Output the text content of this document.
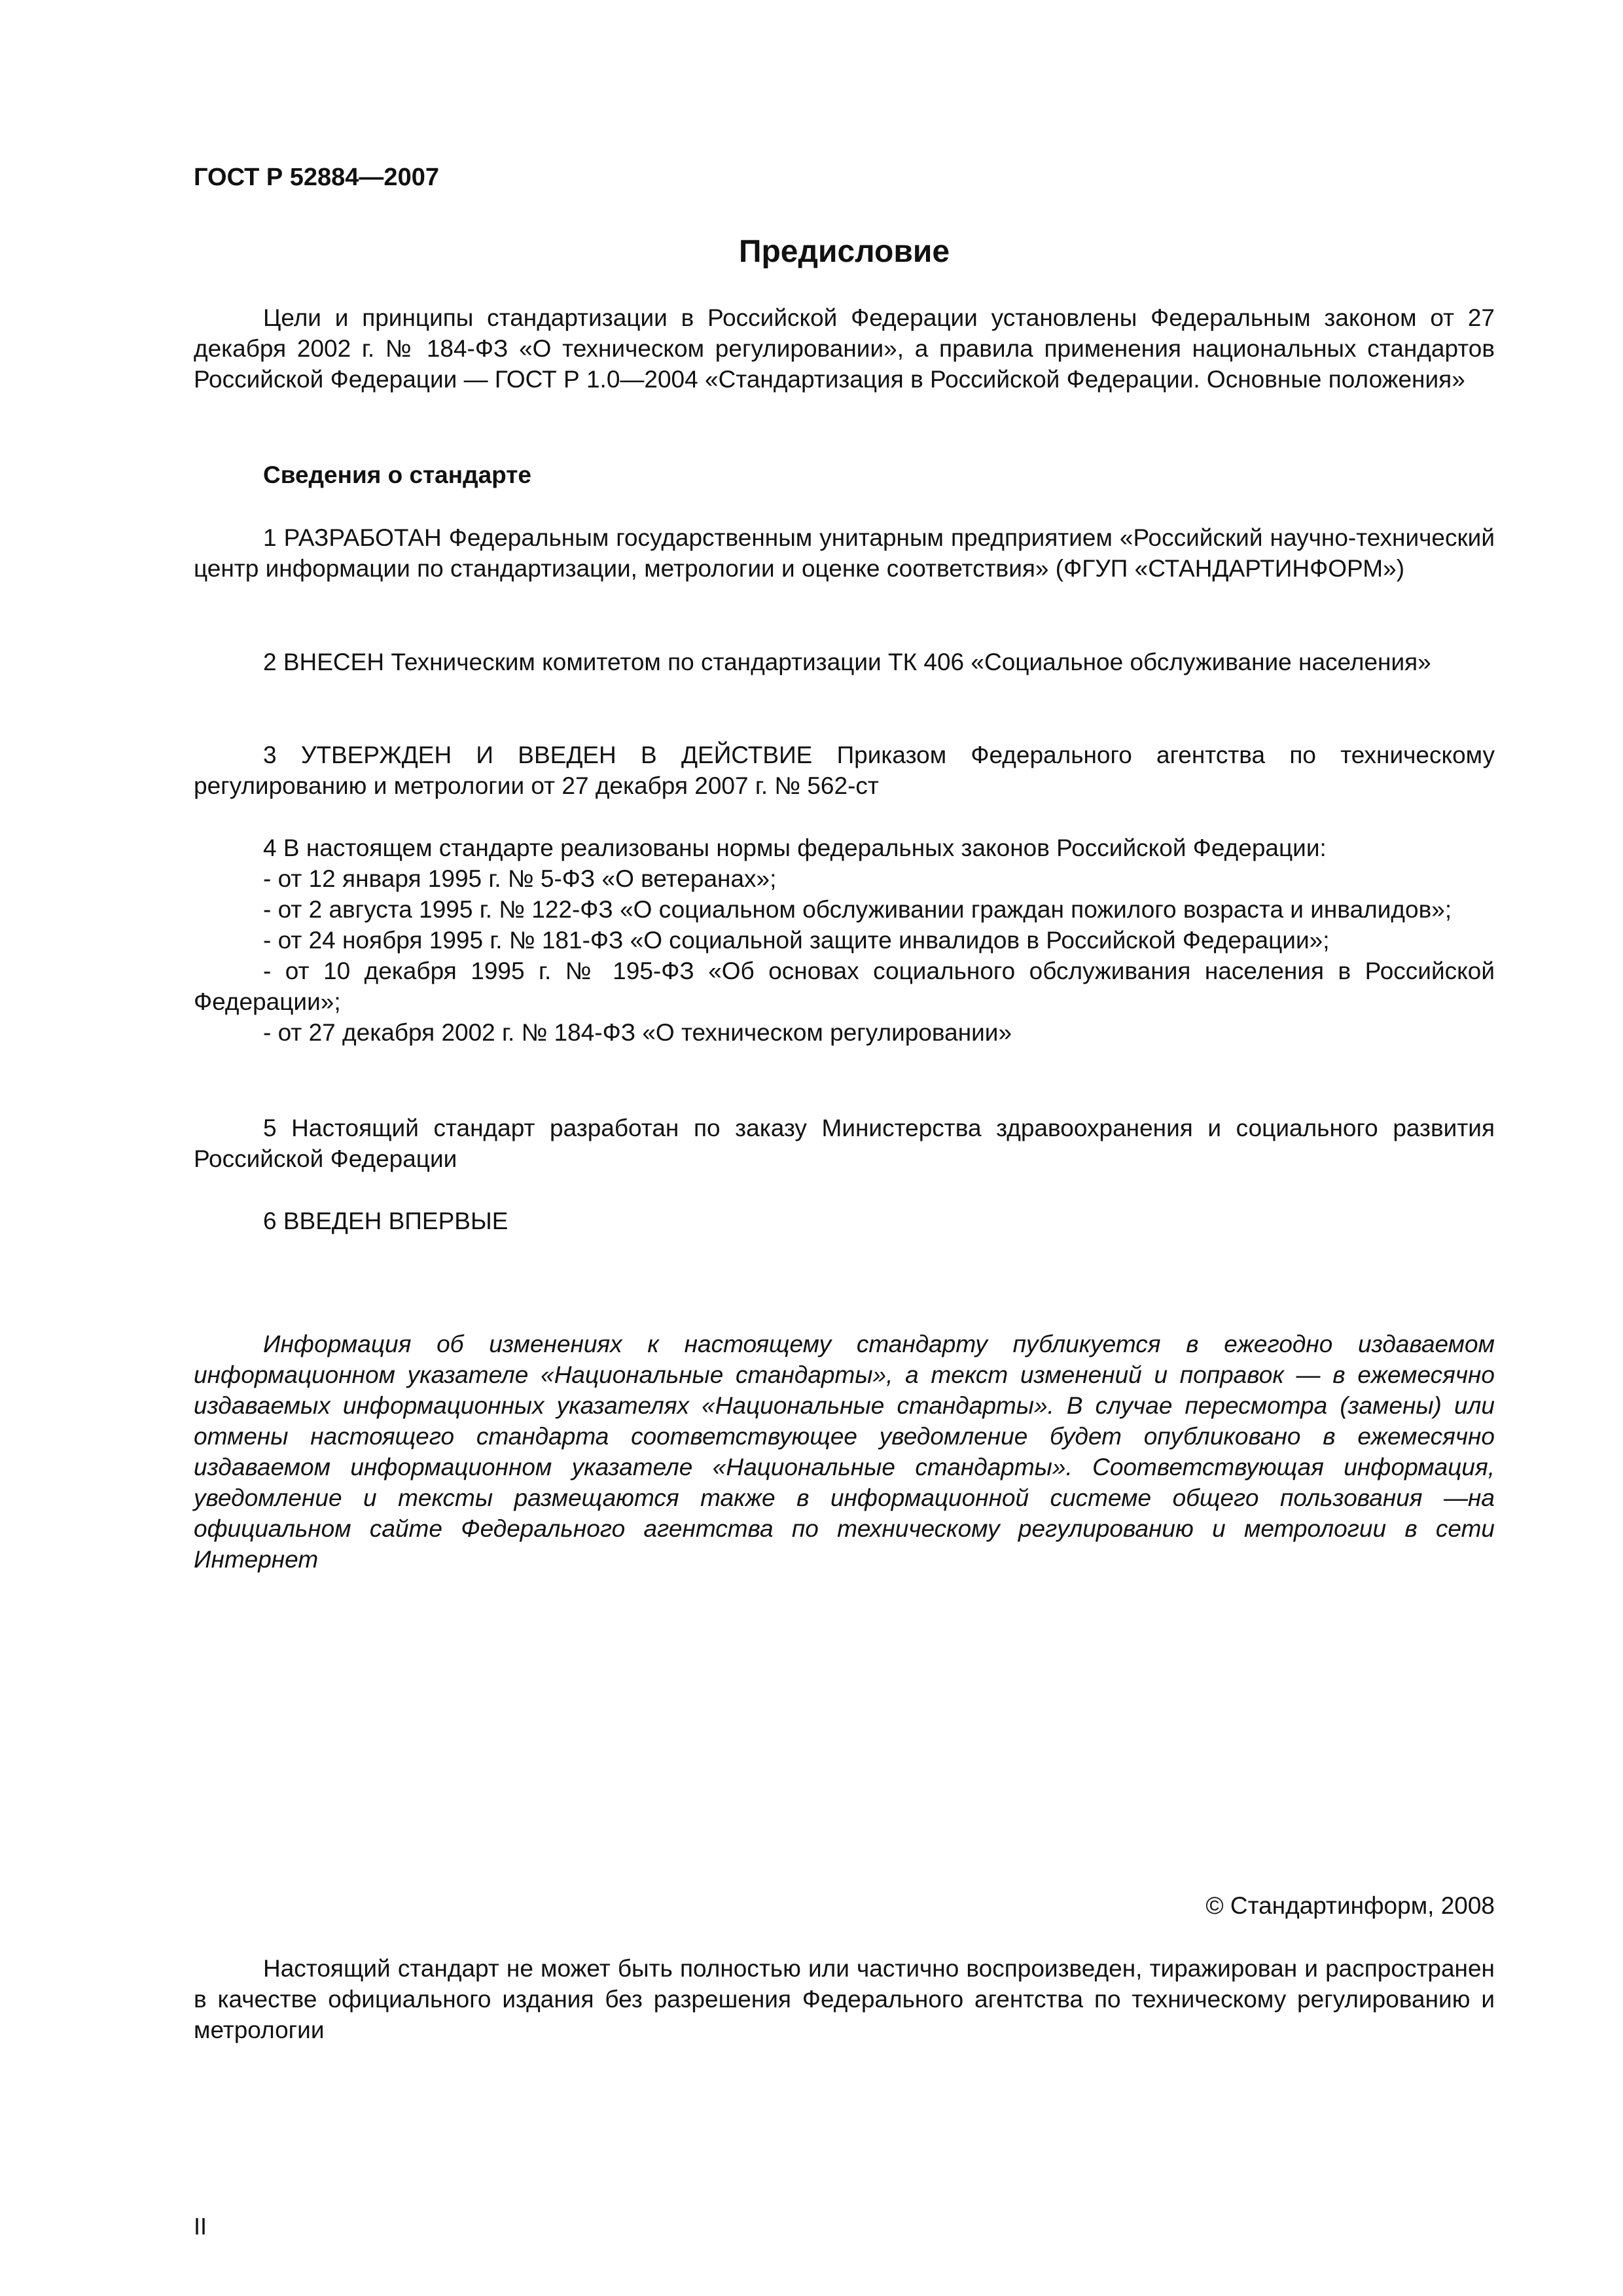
ГОСТ Р 52884—2007
Предисловие
Цели и принципы стандартизации в Российской Федерации установлены Федеральным законом от 27 декабря 2002 г. № 184-ФЗ «О техническом регулировании», а правила применения национальных стандартов Российской Федерации — ГОСТ Р 1.0—2004 «Стандартизация в Российской Федерации. Основные положения»
Сведения о стандарте
1 РАЗРАБОТАН Федеральным государственным унитарным предприятием «Российский научно-технический центр информации по стандартизации, метрологии и оценке соответствия» (ФГУП «СТАНДАРТИНФОРМ»)
2 ВНЕСЕН Техническим комитетом по стандартизации ТК 406 «Социальное обслуживание населения»
3 УТВЕРЖДЕН И ВВЕДЕН В ДЕЙСТВИЕ Приказом Федерального агентства по техническому регулированию и метрологии от 27 декабря 2007 г. № 562-ст

4 В настоящем стандарте реализованы нормы федеральных законов Российской Федерации:

- от 12 января 1995 г. № 5-ФЗ «О ветеранах»;

- от 2 августа 1995 г. № 122-ФЗ «О социальном обслуживании граждан пожилого возраста и инвалидов»;

- от 24 ноября 1995 г. № 181-ФЗ «О социальной защите инвалидов в Российской Федерации»;

- от 10 декабря 1995 г. № 195-ФЗ «Об основах социального обслуживания населения в Российской Федерации»;

- от 27 декабря 2002 г. № 184-ФЗ «О техническом регулировании»

5 Настоящий стандарт разработан по заказу Министерства здравоохранения и социального развития Российской Федерации
6 ВВЕДЕН ВПЕРВЫЕ
Информация об изменениях к настоящему стандарту публикуется в ежегодно издаваемом информационном указателе «Национальные стандарты», а текст изменений и поправок — в ежемесячно издаваемых информационных указателях «Национальные стандарты». В случае пересмотра (замены) или отмены настоящего стандарта соответствующее уведомление будет опубликовано в ежемесячно издаваемом информационном указателе «Национальные стандарты». Соответствующая информация, уведомление и тексты размещаются также в информационной системе общего пользования —на официальном сайте Федерального агентства по техническому регулированию и метрологии в сети Интернет
© Стандартинформ, 2008
Настоящий стандарт не может быть полностью или частично воспроизведен, тиражирован и распространен в качестве официального издания без разрешения Федерального агентства по техническому регулированию и метрологии
II
